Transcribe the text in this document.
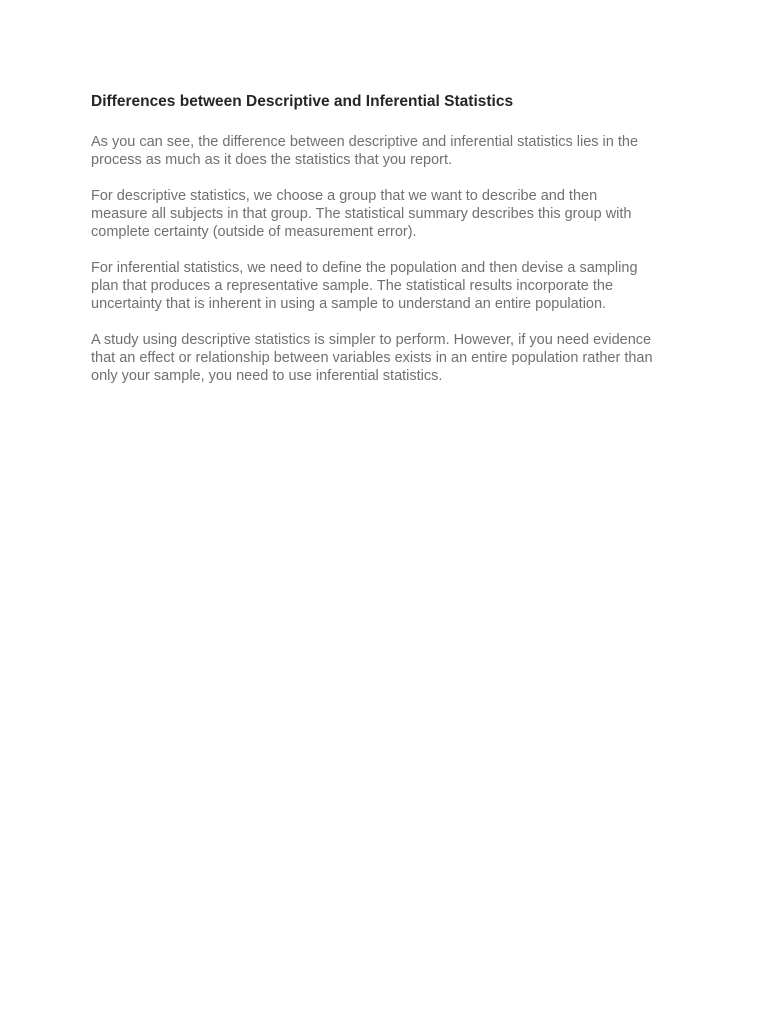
Differences between Descriptive and Inferential Statistics

As you can see, the difference between descriptive and inferential statistics lies in the
process as much as it does the statistics that you report.

For descriptive statistics, we choose a group that we want to describe and then
measure all subjects in that group. The statistical summary describes this group with
complete certainty (outside of measurement error).

For inferential statistics, we need to define the population and then devise a sampling
plan that produces a representative sample. The statistical results incorporate the
uncertainty that is inherent in using a sample to understand an entire population.

A study using descriptive statistics is simpler to perform. However, if you need evidence
that an effect or relationship between variables exists in an entire population rather than
only your sample, you need to use inferential statistics.
